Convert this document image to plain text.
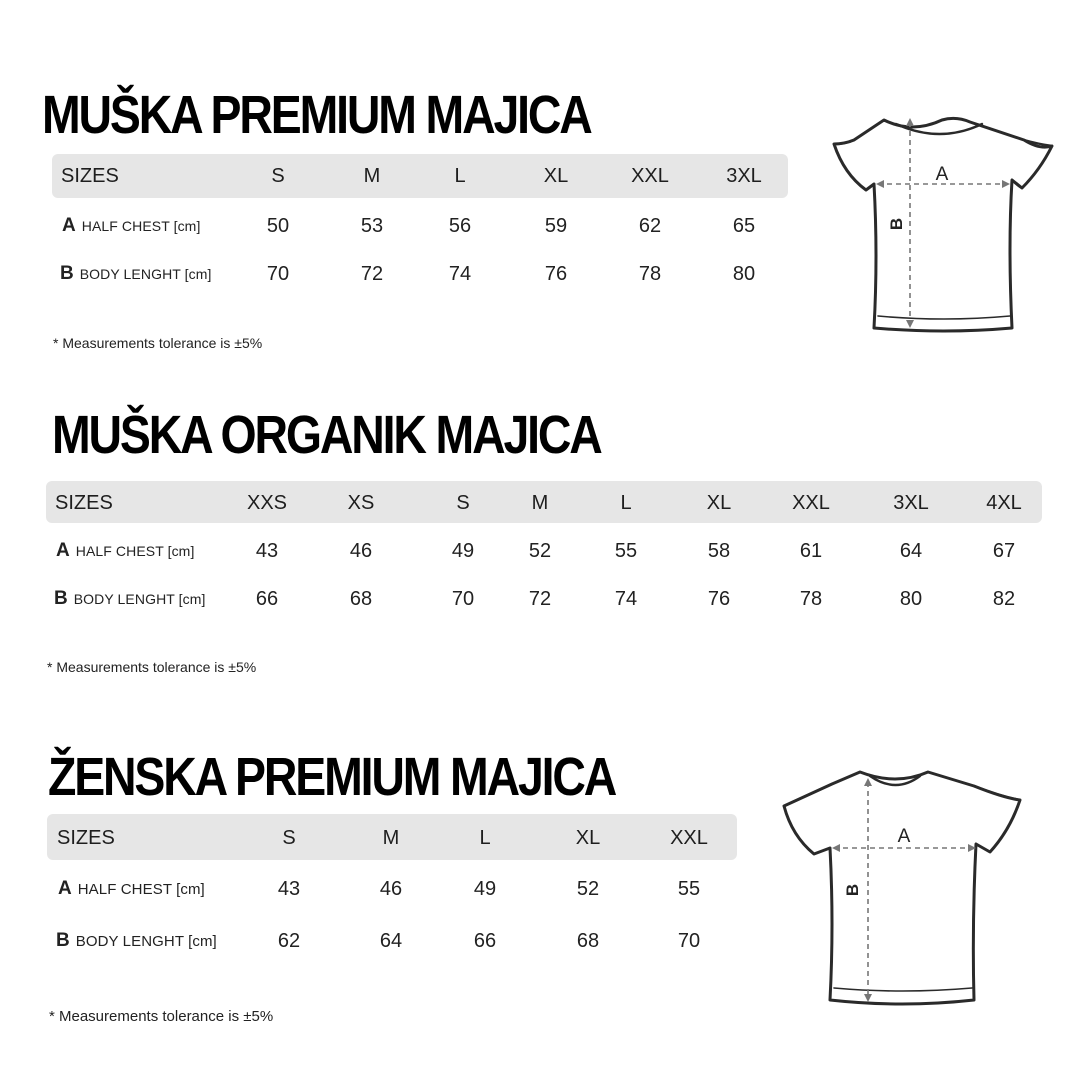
MUŠKA PREMIUM MAJICA
SIZES	S	M	L	XL	XXL	3XL
A HALF CHEST [cm]	50	53	56	59	62	65
B BODY LENGHT [cm]	70	72	74	76	78	80
* Measurements tolerance is ±5%
A
B
MUŠKA ORGANIK MAJICA
SIZES	XXS	XS	S	M	L	XL	XXL	3XL	4XL
A HALF CHEST [cm]	43	46	49	52	55	58	61	64	67
B BODY LENGHT [cm]	66	68	70	72	74	76	78	80	82
* Measurements tolerance is ±5%
ŽENSKA PREMIUM MAJICA
SIZES	S	M	L	XL	XXL
A HALF CHEST [cm]	43	46	49	52	55
B BODY LENGHT [cm]	62	64	66	68	70
* Measurements tolerance is ±5%
A
B
